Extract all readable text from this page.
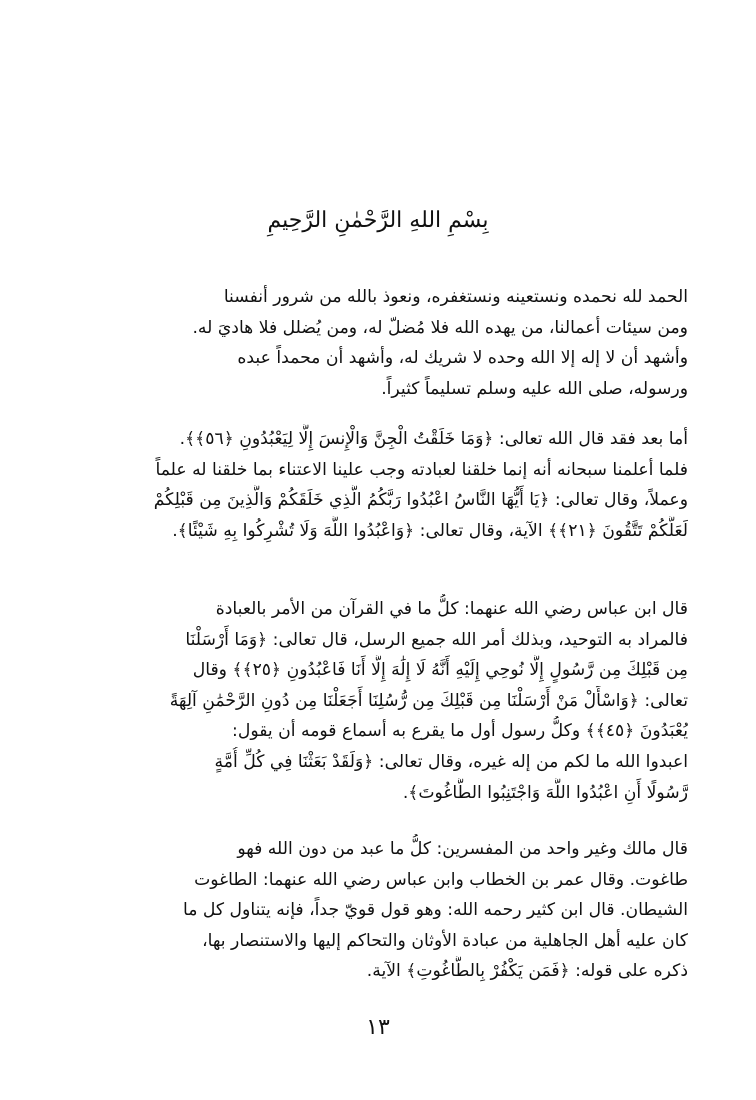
بِسْمِ اللهِ الرَّحْمٰنِ الرَّحِيمِ
الحمد لله نحمده ونستعينه ونستغفره، ونعوذ بالله من شرور أنفسنا
ومن سيئات أعمالنا، من يهده الله فلا مُضلّ له، ومن يُضلل فلا هاديَ له.
وأشهد أن لا إله إلا الله وحده لا شريك له، وأشهد أن محمداً عبده
ورسوله، صلى الله عليه وسلم تسليماً كثيراً.
أما بعد فقد قال الله تعالى: ﴿وَمَا خَلَقْتُ الْجِنَّ وَالْإِنسَ إِلَّا لِيَعْبُدُونِ ﴿٥٦﴾﴾.
فلما أعلمنا سبحانه أنه إنما خلقنا لعبادته وجب علينا الاعتناء بما خلقنا له علماً
وعملاً، وقال تعالى: ﴿يَا أَيُّهَا النَّاسُ اعْبُدُوا رَبَّكُمُ الَّذِي خَلَقَكُمْ وَالَّذِينَ مِن قَبْلِكُمْ
لَعَلَّكُمْ تَتَّقُونَ ﴿٢١﴾﴾ الآية، وقال تعالى: ﴿وَاعْبُدُوا اللَّهَ وَلَا تُشْرِكُوا بِهِ شَيْئًا﴾.
قال ابن عباس رضي الله عنهما: كلُّ ما في القرآن من الأمر بالعبادة
فالمراد به التوحيد، وبذلك أمر الله جميع الرسل، قال تعالى: ﴿وَمَا أَرْسَلْنَا
مِن قَبْلِكَ مِن رَّسُولٍ إِلَّا نُوحِي إِلَيْهِ أَنَّهُ لَا إِلَٰهَ إِلَّا أَنَا فَاعْبُدُونِ ﴿٢٥﴾﴾ وقال
تعالى: ﴿وَاسْأَلْ مَنْ أَرْسَلْنَا مِن قَبْلِكَ مِن رُّسُلِنَا أَجَعَلْنَا مِن دُونِ الرَّحْمَٰنِ آلِهَةً
يُعْبَدُونَ ﴿٤٥﴾﴾ وكلُّ رسول أول ما يقرع به أسماع قومه أن يقول:
اعبدوا الله ما لكم من إله غيره، وقال تعالى: ﴿وَلَقَدْ بَعَثْنَا فِي كُلِّ أُمَّةٍ
رَّسُولًا أَنِ اعْبُدُوا اللَّهَ وَاجْتَنِبُوا الطَّاغُوتَ﴾.
قال مالك وغير واحد من المفسرين: كلُّ ما عبد من دون الله فهو
طاغوت. وقال عمر بن الخطاب وابن عباس رضي الله عنهما: الطاغوت
الشيطان. قال ابن كثير رحمه الله: وهو قول قويّ جداً، فإنه يتناول كل ما
كان عليه أهل الجاهلية من عبادة الأوثان والتحاكم إليها والاستنصار بها،
ذكره على قوله: ﴿فَمَن يَكْفُرْ بِالطَّاغُوتِ﴾ الآية.
١٣
